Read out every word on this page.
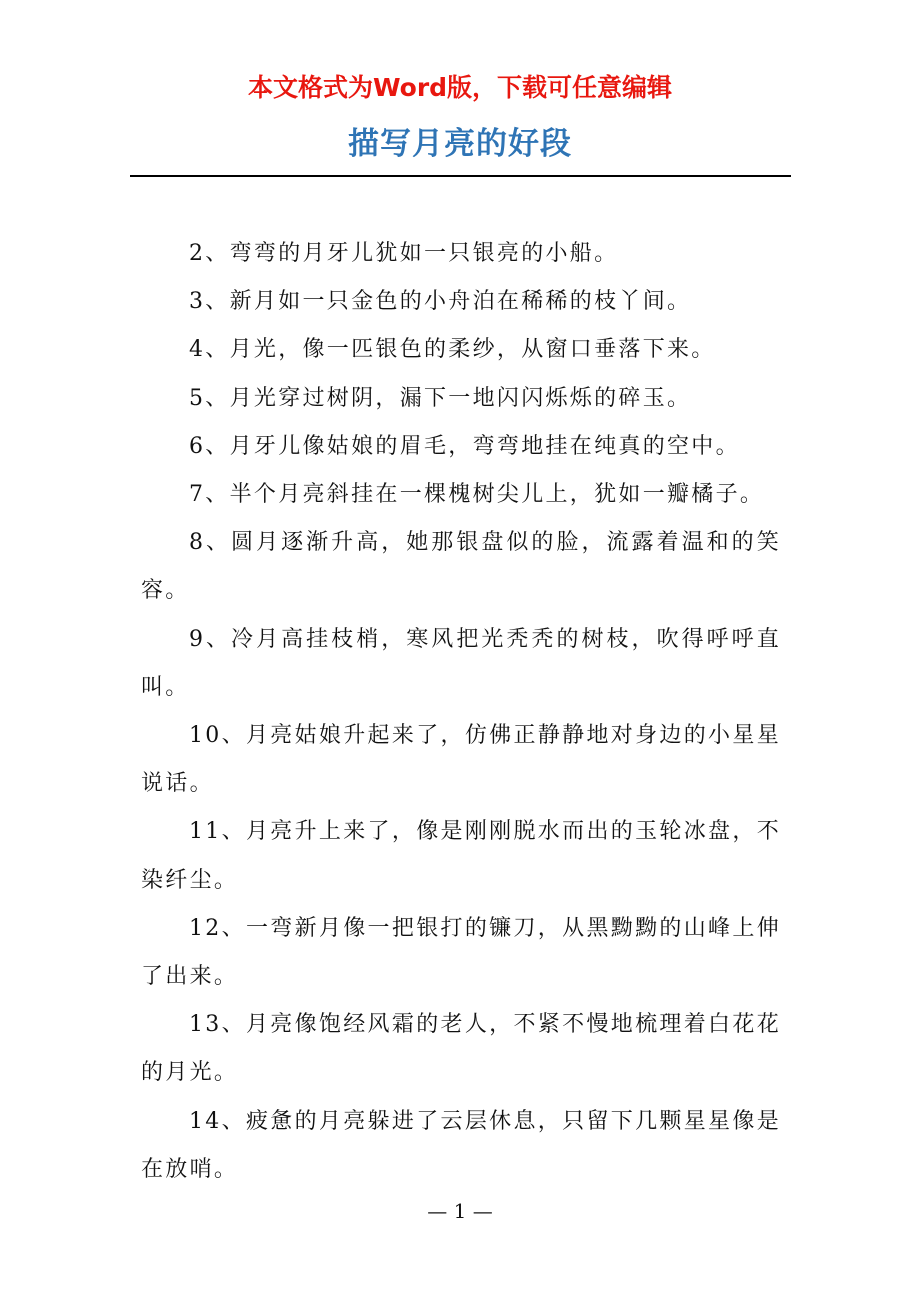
本文格式为Word版，下载可任意编辑
描写月亮的好段

2、弯弯的月牙儿犹如一只银亮的小船。

3、新月如一只金色的小舟泊在稀稀的枝丫间。

4、月光，像一匹银色的柔纱，从窗口垂落下来。

5、月光穿过树阴，漏下一地闪闪烁烁的碎玉。

6、月牙儿像姑娘的眉毛，弯弯地挂在纯真的空中。

7、半个月亮斜挂在一棵槐树尖儿上，犹如一瓣橘子。

8、圆月逐渐升高，她那银盘似的脸，流露着温和的笑容。

9、冷月高挂枝梢，寒风把光秃秃的树枝，吹得呼呼直叫。

10、月亮姑娘升起来了，仿佛正静静地对身边的小星星说话。

11、月亮升上来了，像是刚刚脱水而出的玉轮冰盘，不染纤尘。

12、一弯新月像一把银打的镰刀，从黑黝黝的山峰上伸了出来。

13、月亮像饱经风霜的老人，不紧不慢地梳理着白花花的月光。

14、疲惫的月亮躲进了云层休息，只留下几颗星星像是在放哨。

— 1 —
